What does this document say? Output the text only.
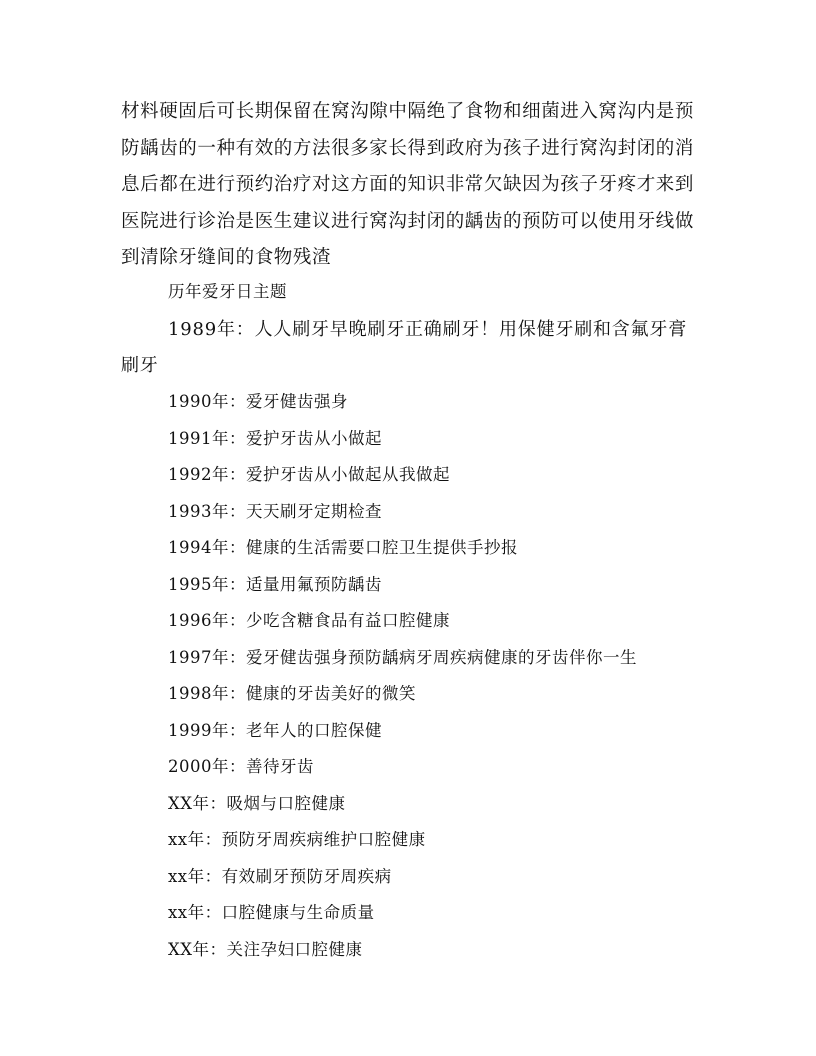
材料硬固后可长期保留在窝沟隙中隔绝了食物和细菌进入窝沟内是预防龋齿的一种有效的方法很多家长得到政府为孩子进行窝沟封闭的消息后都在进行预约治疗对这方面的知识非常欠缺因为孩子牙疼才来到医院进行诊治是医生建议进行窝沟封闭的龋齿的预防可以使用牙线做到清除牙缝间的食物残渣

历年爱牙日主题

1989年：人人刷牙早晚刷牙正确刷牙！用保健牙刷和含氟牙膏刷牙
1990年：爱牙健齿强身
1991年：爱护牙齿从小做起
1992年：爱护牙齿从小做起从我做起
1993年：天天刷牙定期检查
1994年：健康的生活需要口腔卫生提供手抄报
1995年：适量用氟预防龋齿
1996年：少吃含糖食品有益口腔健康
1997年：爱牙健齿强身预防龋病牙周疾病健康的牙齿伴你一生
1998年：健康的牙齿美好的微笑
1999年：老年人的口腔保健
2000年：善待牙齿
XX年：吸烟与口腔健康
xx年：预防牙周疾病维护口腔健康
xx年：有效刷牙预防牙周疾病
xx年：口腔健康与生命质量
XX年：关注孕妇口腔健康
